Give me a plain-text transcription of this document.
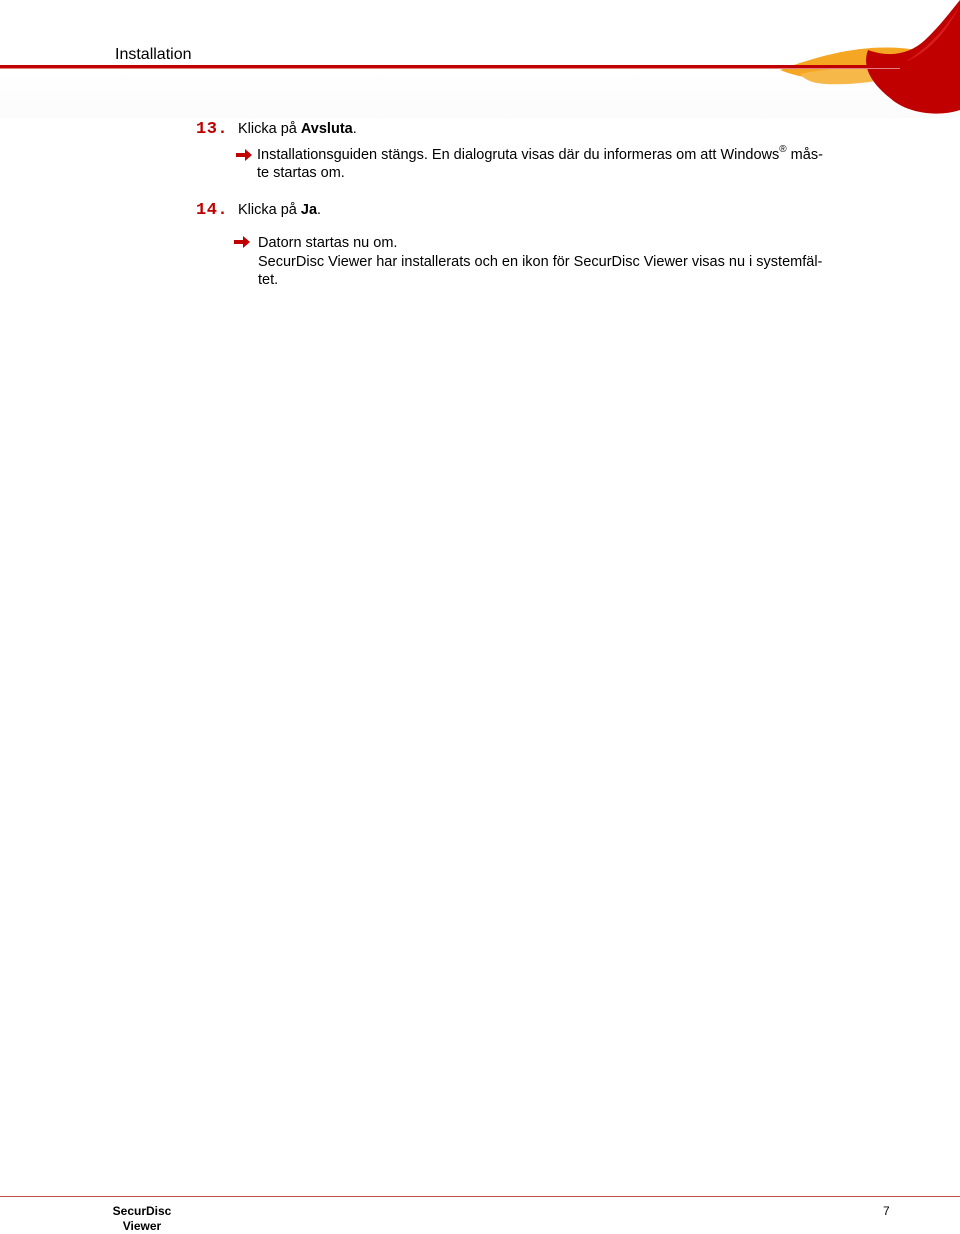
Installation
13. Klicka på Avsluta.
Installationsguiden stängs. En dialogruta visas där du informeras om att Windows® mås-
te startas om.
14. Klicka på Ja.
Datorn startas nu om.
SecurDisc Viewer har installerats och en ikon för SecurDisc Viewer visas nu i systemfäl-
tet.
SecurDisc
Viewer
7
